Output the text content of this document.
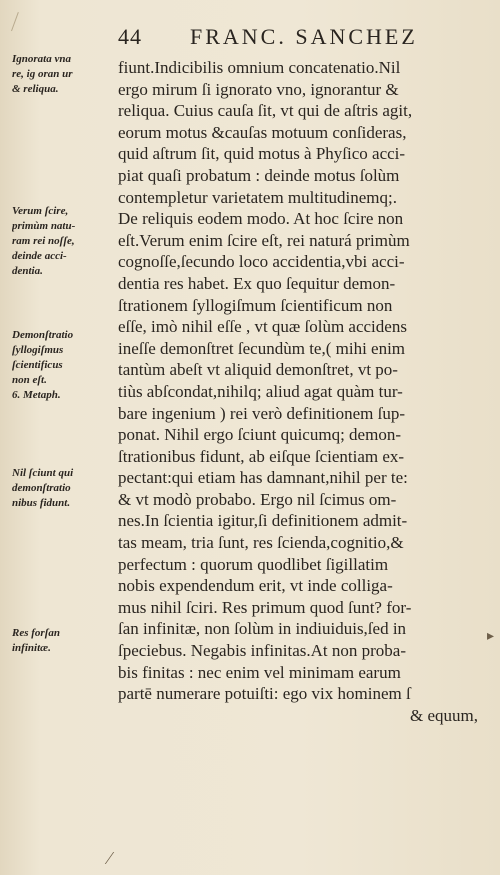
44 FRANC. SANCHEZ
Ignorata vna
re, ig oran ur
& reliqua.
Verum ſcire,
primùm natu-
ram rei noſſe,
deinde acci-
dentia.
Demonſtratio
ſyllogiſmus
ſcientificus
non eſt.
6. Metaph.
Nil ſciunt qui
demonſtratio
nibus fidunt.
Res forſan
infinitæ.
fiunt.Indicibilis omnium concatenatio.Nil
ergo mirum ſi ignorato vno, ignorantur &
reliqua. Cuius cauſa ſit, vt qui de aſtris agit,
eorum motus &cauſas motuum conſideras,
quid aſtrum ſit, quid motus à Phyſico acci-
piat quaſi probatum : deinde motus ſolùm
contempletur varietatem multitudinemq;.
De reliquis eodem modo. At hoc ſcire non
eſt.Verum enim ſcire eſt, rei naturá primùm
cognoſſe,ſecundo loco accidentia,vbi acci-
dentia res habet. Ex quo ſequitur demon-
ſtrationem ſyllogiſmum ſcientificum non
eſſe, imò nihil eſſe , vt quæ ſolùm accidens
ineſſe demonſtret ſecundùm te,( mihi enim
tantùm abeſt vt aliquid demonſtret, vt po-
tiùs abſcondat,nihilq; aliud agat quàm tur-
bare ingenium ) rei verò definitionem ſup-
ponat. Nihil ergo ſciunt quicumq; demon-
ſtrationibus fidunt, ab eiſque ſcientiam ex-
pectant:qui etiam has damnant,nihil per te:
& vt modò probabo. Ergo nil ſcimus om-
nes.In ſcientia igitur,ſi definitionem admit-
tas meam, tria ſunt, res ſcienda,cognitio,&
perfectum : quorum quodlibet ſigillatim
nobis expendendum erit, vt inde colliga-
mus nihil ſciri. Res primum quod ſunt? for-
ſan infinitæ, non ſolùm in indiuiduis,ſed in
ſpeciebus. Negabis infinitas.At non proba-
bis finitas : nec enim vel minimam earum
partē numerare potuiſti: ego vix hominem ſ
& equum,
▸
⁄
